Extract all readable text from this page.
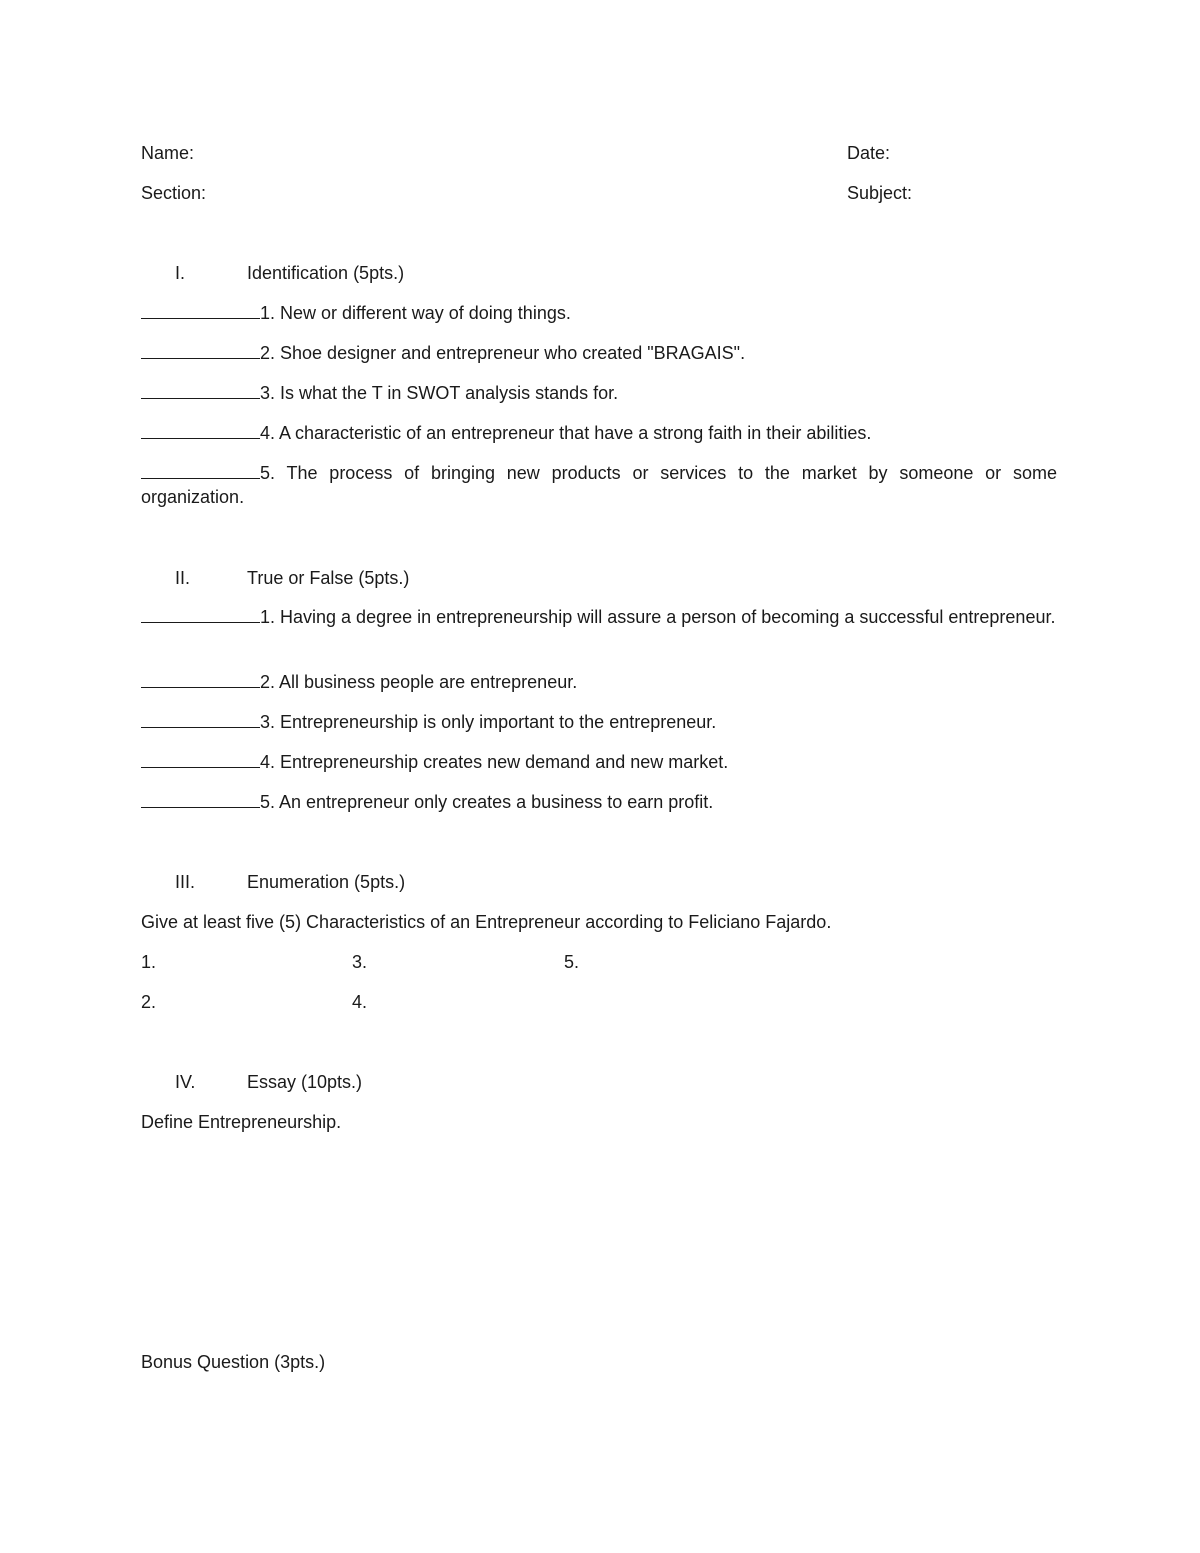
Name:	Date:
Section:	Subject:
I.	Identification (5pts.)
1. New or different way of doing things.
2. Shoe designer and entrepreneur who created "BRAGAIS".
3. Is what the T in SWOT analysis stands for.
4. A characteristic of an entrepreneur that have a strong faith in their abilities.
5. The process of bringing new products or services to the market by someone or some organization.
II.	True or False (5pts.)
1. Having a degree in entrepreneurship will assure a person of becoming a successful entrepreneur.
2. All business people are entrepreneur.
3. Entrepreneurship is only important to the entrepreneur.
4. Entrepreneurship creates new demand and new market.
5. An entrepreneur only creates a business to earn profit.
III.	Enumeration (5pts.)
Give at least five (5) Characteristics of an Entrepreneur according to Feliciano Fajardo.
1.	3.	5.
2.	4.
IV.	Essay (10pts.)
Define Entrepreneurship.
Bonus Question (3pts.)
